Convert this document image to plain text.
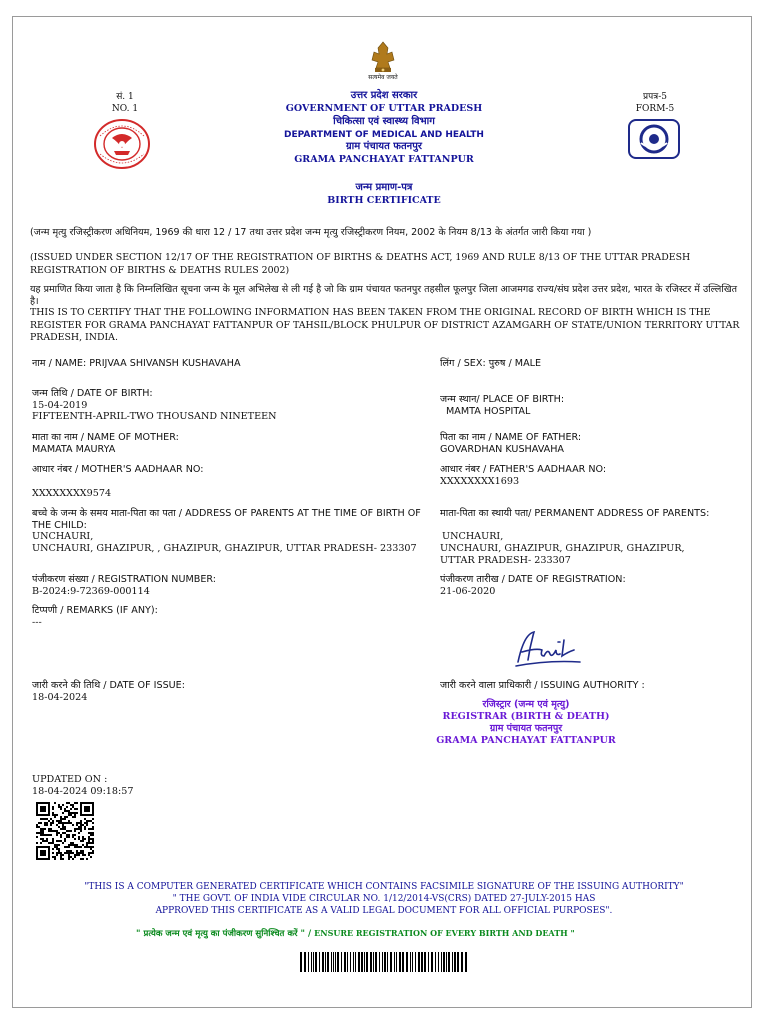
सं. 1
NO. 1
सत्यमेव जयते
उत्तर प्रदेश सरकार
GOVERNMENT OF UTTAR PRADESH
चिकित्सा एवं स्वास्थ्य विभाग
DEPARTMENT OF MEDICAL AND HEALTH
ग्राम पंचायत फतनपुर
GRAMA PANCHAYAT FATTANPUR
प्रपत्र-5
FORM-5
जन्म प्रमाण-पत्र
BIRTH CERTIFICATE
(जन्म मृत्यु रजिस्ट्रीकरण अधिनियम, 1969 की धारा 12 / 17 तथा उत्तर प्रदेश जन्म मृत्यु रजिस्ट्रीकरण नियम, 2002 के नियम 8/13 के अंतर्गत जारी किया गया )
(ISSUED UNDER SECTION 12/17 OF THE REGISTRATION OF BIRTHS & DEATHS ACT, 1969 AND RULE 8/13 OF THE UTTAR PRADESH REGISTRATION OF BIRTHS & DEATHS RULES 2002)
यह प्रमाणित किया जाता है कि निम्नलिखित सूचना जन्म के मूल अभिलेख से ली गई है जो कि ग्राम पंचायत फतनपुर तहसील फूलपुर जिला आजमगढ राज्य/संघ प्रदेश उत्तर प्रदेश, भारत के रजिस्टर में उल्लिखित है।
THIS IS TO CERTIFY THAT THE FOLLOWING INFORMATION HAS BEEN TAKEN FROM THE ORIGINAL RECORD OF BIRTH WHICH IS THE REGISTER FOR GRAMA PANCHAYAT FATTANPUR OF TAHSIL/BLOCK PHULPUR OF DISTRICT AZAMGARH OF STATE/UNION TERRITORY UTTAR PRADESH, INDIA.
नाम / NAME: PRIJVAA SHIVANSH KUSHAVAHA	लिंग / SEX: पुरुष / MALE
जन्म तिथि / DATE OF BIRTH:
15-04-2019
FIFTEENTH-APRIL-TWO THOUSAND NINETEEN
जन्म स्थान/ PLACE OF BIRTH:
MAMTA HOSPITAL
माता का नाम / NAME OF MOTHER:
MAMATA MAURYA
पिता का नाम / NAME OF FATHER:
GOVARDHAN KUSHAVAHA
आधार नंबर / MOTHER'S AADHAAR NO:
XXXXXXXX9574
आधार नंबर / FATHER'S AADHAAR NO:
XXXXXXXX1693
बच्चे के जन्म के समय माता-पिता का पता / ADDRESS OF PARENTS AT THE TIME OF BIRTH OF THE CHILD:
UNCHAURI,
UNCHAURI, GHAZIPUR, , GHAZIPUR, GHAZIPUR, UTTAR PRADESH- 233307
माता-पिता का स्थायी पता/ PERMANENT ADDRESS OF PARENTS:
UNCHAURI,
UNCHAURI, GHAZIPUR, GHAZIPUR, GHAZIPUR,
UTTAR PRADESH- 233307
पंजीकरण संख्या / REGISTRATION NUMBER:
B-2024:9-72369-000114
पंजीकरण तारीख / DATE OF REGISTRATION:
21-06-2020
टिप्पणी / REMARKS (IF ANY):
---
जारी करने की तिथि / DATE OF ISSUE:
18-04-2024
जारी करने वाला प्राधिकारी / ISSUING AUTHORITY :
रजिस्ट्रार (जन्म एवं मृत्यु)
REGISTRAR (BIRTH & DEATH)
ग्राम पंचायत फतनपुर
GRAMA PANCHAYAT FATTANPUR
UPDATED ON :
18-04-2024 09:18:57
"THIS IS A COMPUTER GENERATED CERTIFICATE WHICH CONTAINS FACSIMILE SIGNATURE OF THE ISSUING AUTHORITY"
" THE GOVT. OF INDIA VIDE CIRCULAR NO. 1/12/2014-VS(CRS) DATED 27-JULY-2015 HAS
APPROVED THIS CERTIFICATE AS A VALID LEGAL DOCUMENT FOR ALL OFFICIAL PURPOSES".
" प्रत्येक जन्म एवं मृत्यु का पंजीकरण सुनिश्चित करें " / ENSURE REGISTRATION OF EVERY BIRTH AND DEATH "
